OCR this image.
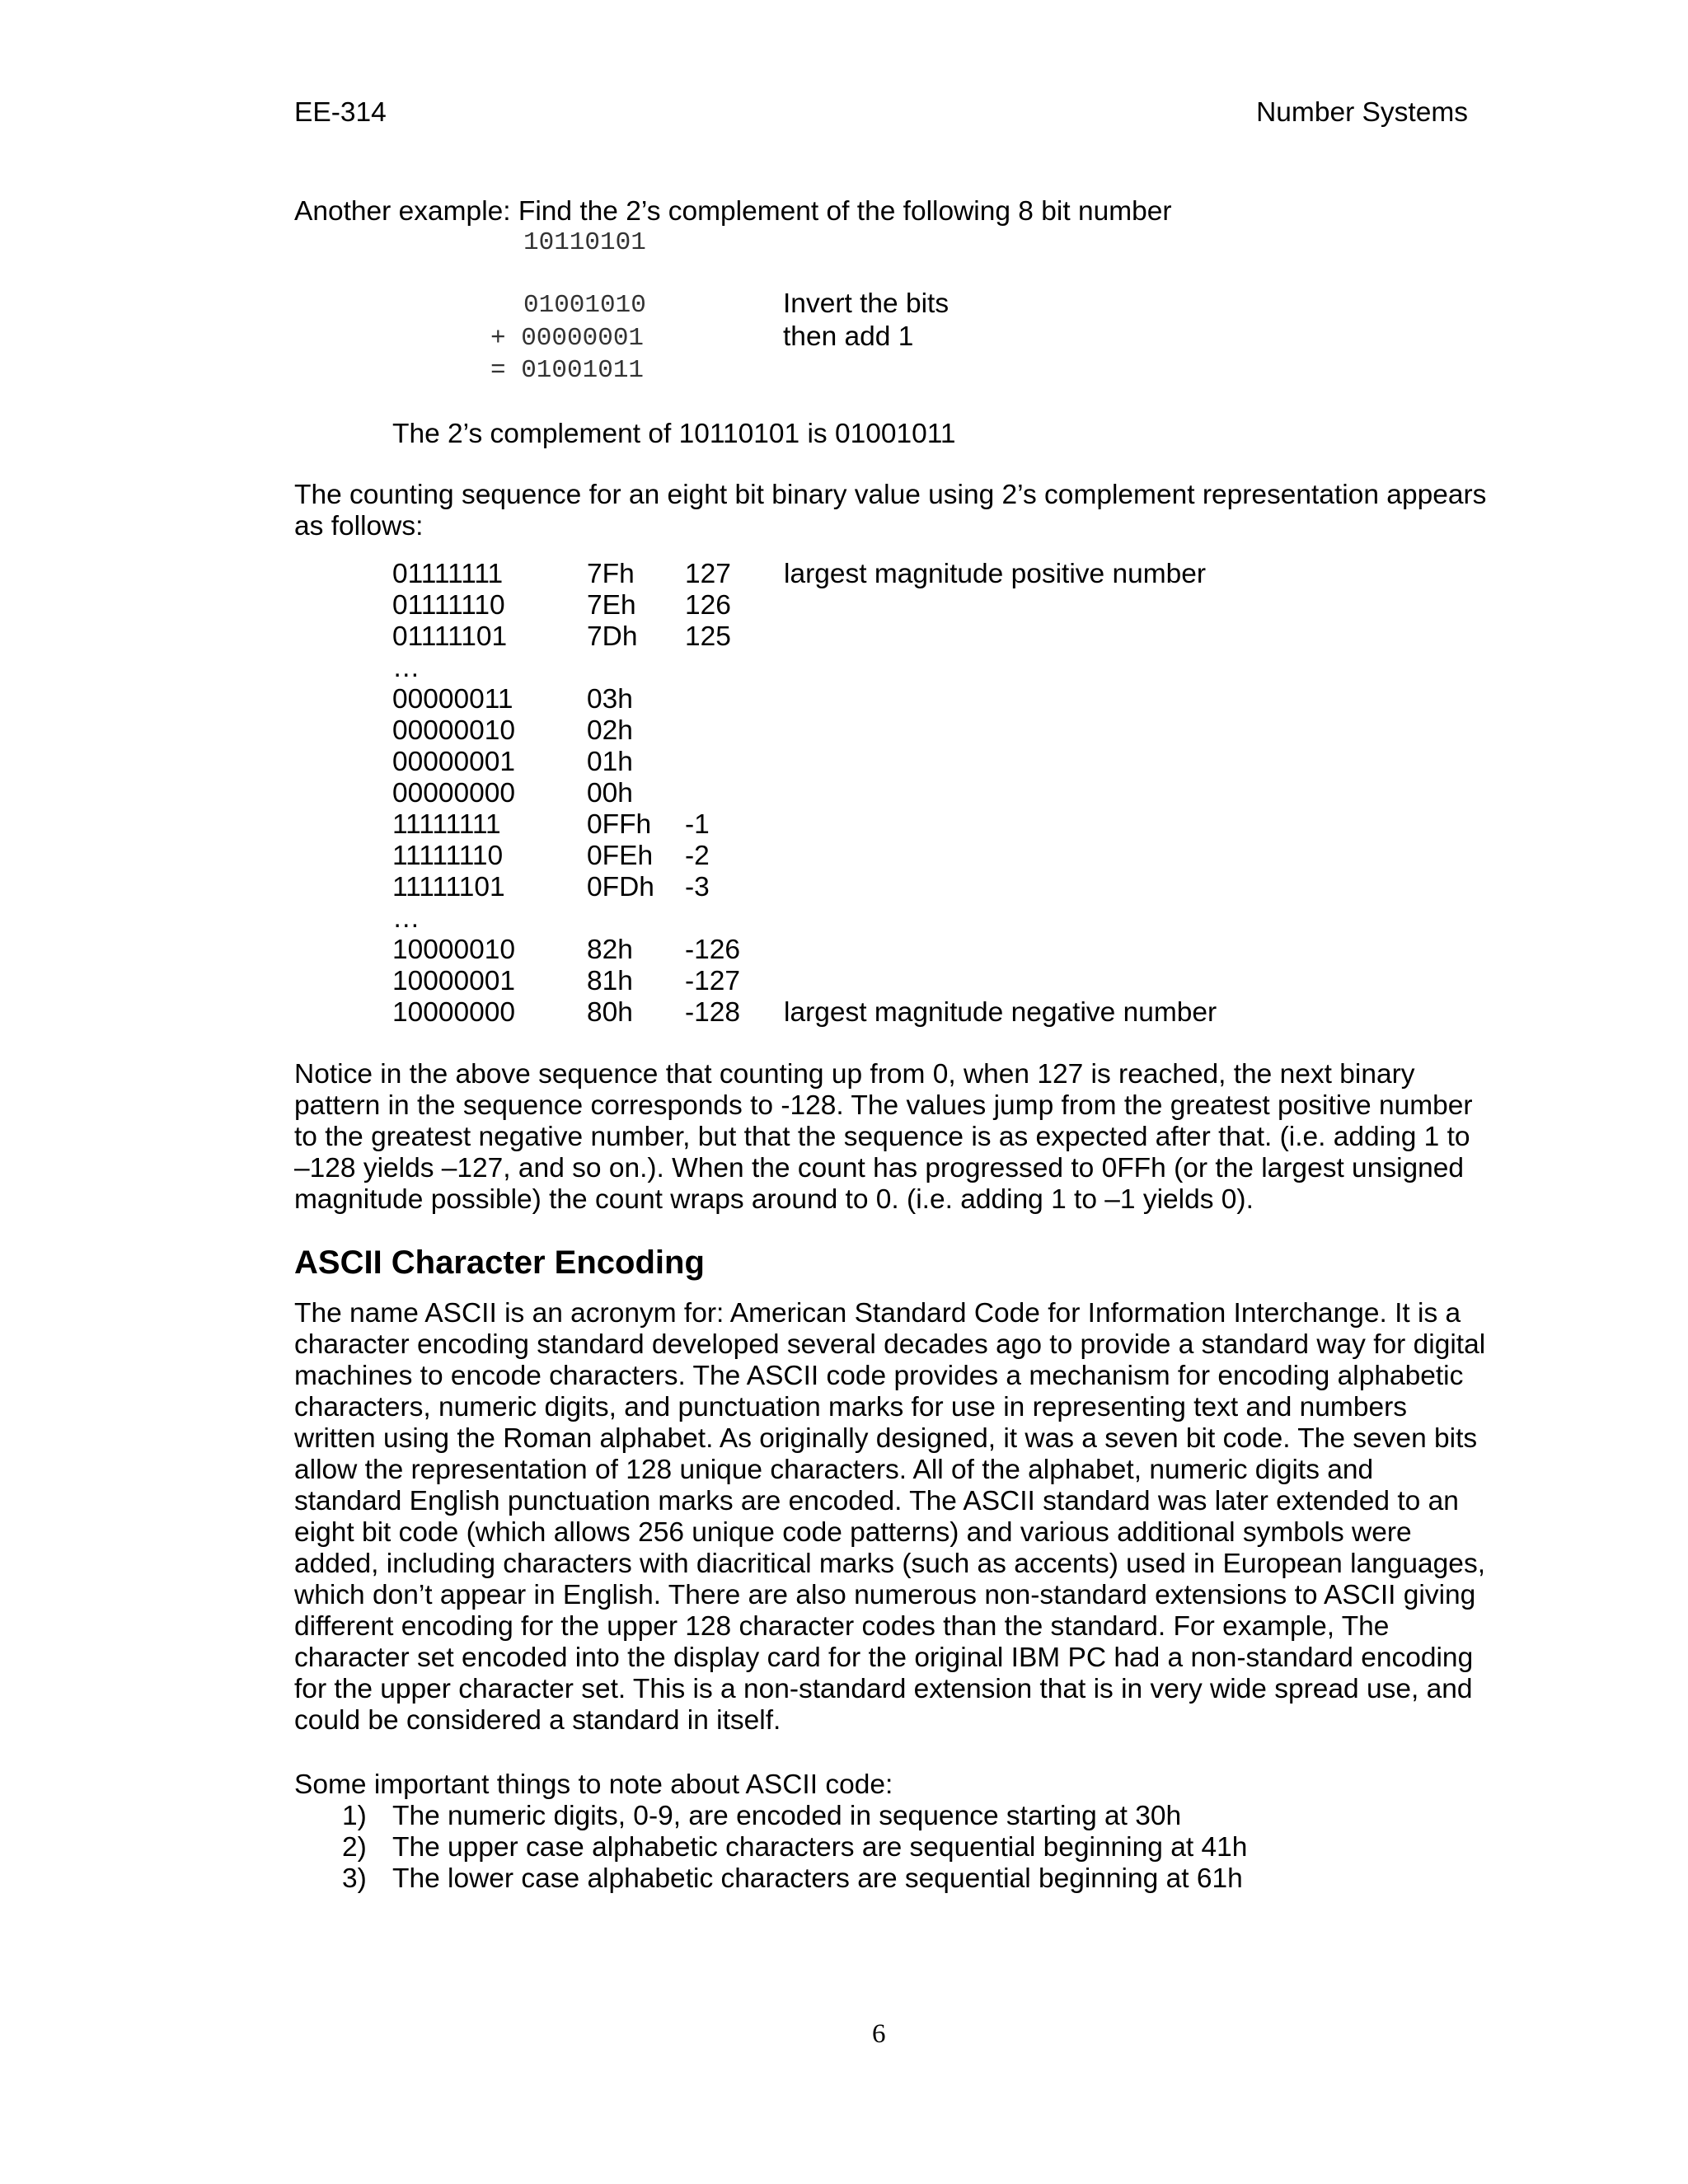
EE-314	Number Systems
Another example: Find the 2’s complement of the following 8 bit number
10110101
01001010	Invert the bits
+ 00000001	then add 1
= 01001011
The 2’s complement of 10110101 is 01001011
The counting sequence for an eight bit binary value using 2’s complement representation appears
as follows:
01111111	7Fh 127 largest magnitude positive number
01111110	7Eh 126
01111101	7Dh 125
…
00000011	03h
00000010	02h
00000001	01h
00000000	00h
11111111	0FFh -1
11111110	0FEh -2
11111101	0FDh -3
…
10000010	82h -126
10000001	81h -127
10000000	80h -128 largest magnitude negative number
Notice in the above sequence that counting up from 0, when 127 is reached, the next binary
pattern in the sequence corresponds to -128. The values jump from the greatest positive number
to the greatest negative number, but that the sequence is as expected after that. (i.e. adding 1 to
–128 yields –127, and so on.). When the count has progressed to 0FFh (or the largest unsigned
magnitude possible) the count wraps around to 0. (i.e. adding 1 to –1 yields 0).
ASCII Character Encoding
The name ASCII is an acronym for: American Standard Code for Information Interchange. It is a
character encoding standard developed several decades ago to provide a standard way for digital
machines to encode characters. The ASCII code provides a mechanism for encoding alphabetic
characters, numeric digits, and punctuation marks for use in representing text and numbers
written using the Roman alphabet. As originally designed, it was a seven bit code. The seven bits
allow the representation of 128 unique characters. All of the alphabet, numeric digits and
standard English punctuation marks are encoded. The ASCII standard was later extended to an
eight bit code (which allows 256 unique code patterns) and various additional symbols were
added, including characters with diacritical marks (such as accents) used in European languages,
which don’t appear in English. There are also numerous non-standard extensions to ASCII giving
different encoding for the upper 128 character codes than the standard. For example, The
character set encoded into the display card for the original IBM PC had a non-standard encoding
for the upper character set. This is a non-standard extension that is in very wide spread use, and
could be considered a standard in itself.
Some important things to note about ASCII code:
1) The numeric digits, 0-9, are encoded in sequence starting at 30h
2) The upper case alphabetic characters are sequential beginning at 41h
3) The lower case alphabetic characters are sequential beginning at 61h
6
